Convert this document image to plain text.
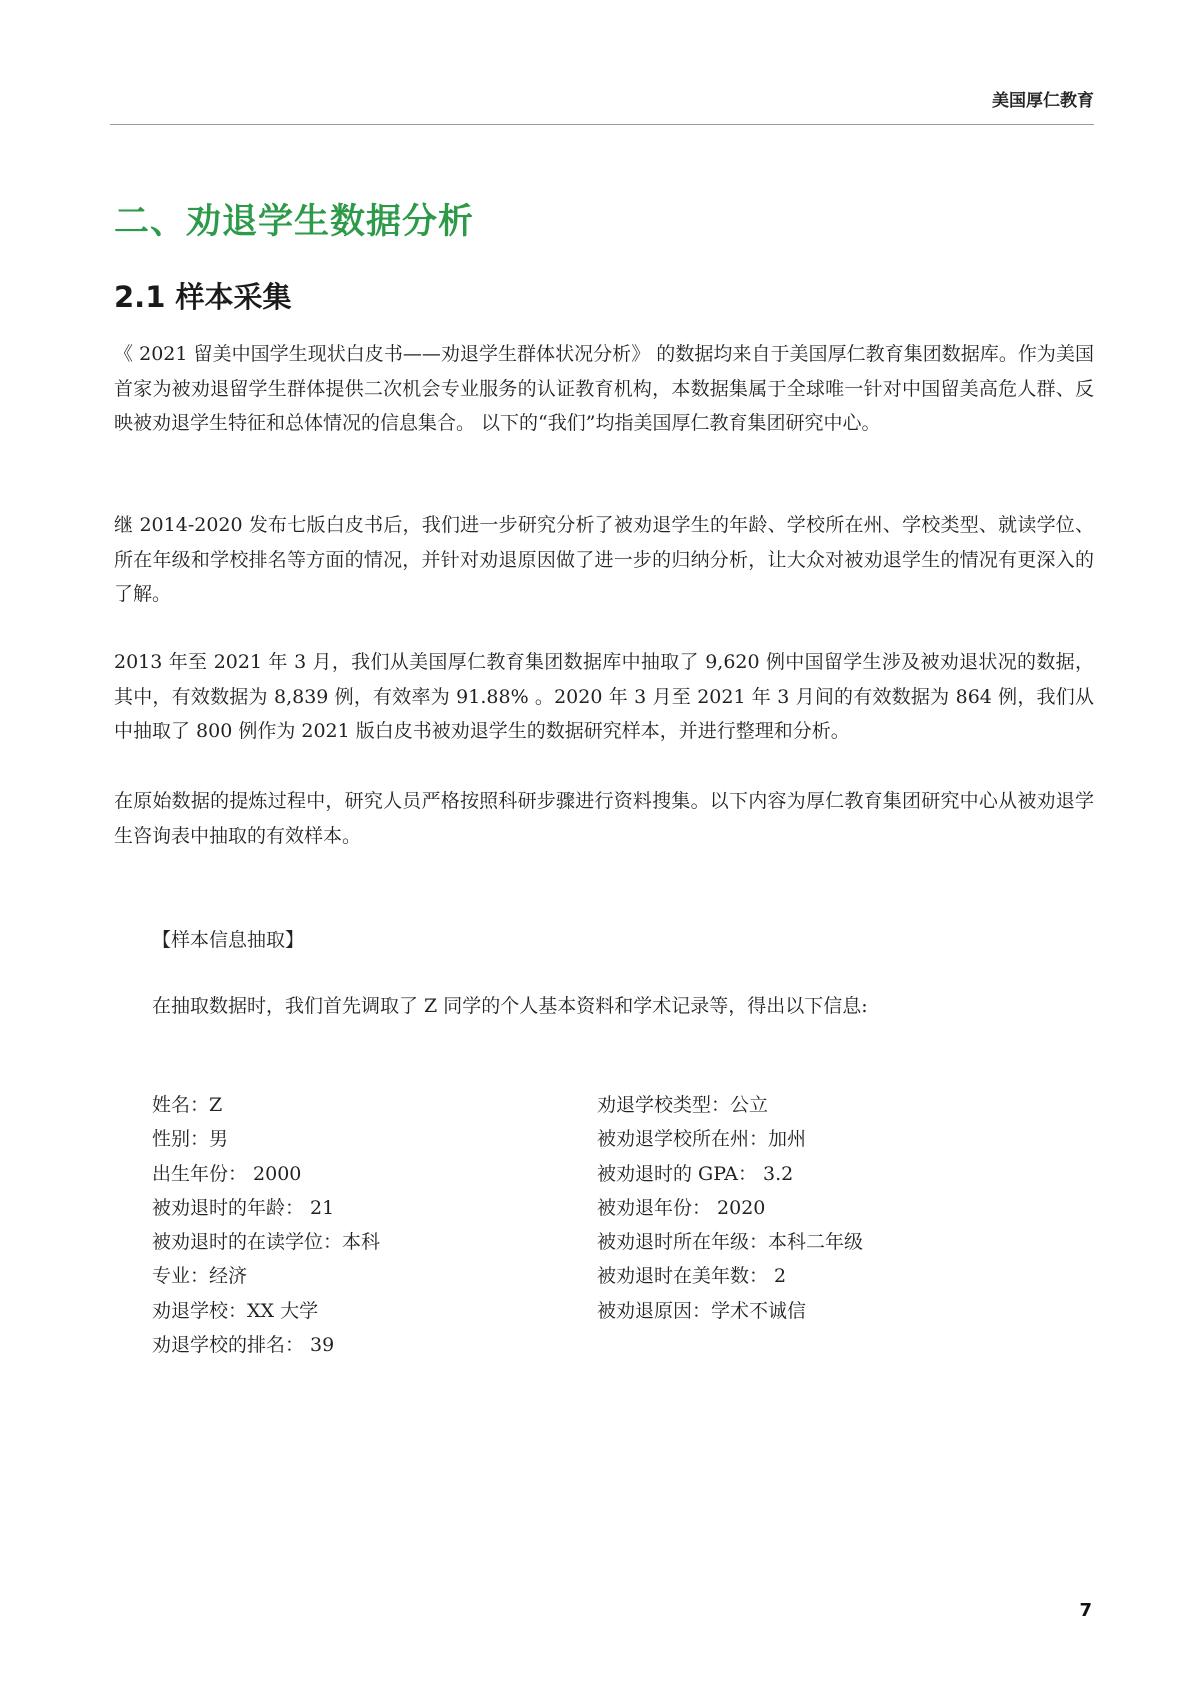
美国厚仁教育
二、劝退学生数据分析
2.1 样本采集

《 2021 留美中国学生现状白皮书——劝退学生群体状况分析》 的数据均来自于美国厚仁教育集团数据库。作为美国首家为被劝退留学生群体提供二次机会专业服务的认证教育机构，本数据集属于全球唯一针对中国留美高危人群、反映被劝退学生特征和总体情况的信息集合。 以下的“我们”均指美国厚仁教育集团研究中心。

继 2014-2020 发布七版白皮书后，我们进一步研究分析了被劝退学生的年龄、学校所在州、学校类型、就读学位、所在年级和学校排名等方面的情况，并针对劝退原因做了进一步的归纳分析，让大众对被劝退学生的情况有更深入的了解。

2013 年至 2021 年 3 月，我们从美国厚仁教育集团数据库中抽取了 9,620 例中国留学生涉及被劝退状况的数据，其中，有效数据为 8,839 例，有效率为 91.88% 。2020 年 3 月至 2021 年 3 月间的有效数据为 864 例，我们从中抽取了 800 例作为 2021 版白皮书被劝退学生的数据研究样本，并进行整理和分析。

在原始数据的提炼过程中，研究人员严格按照科研步骤进行资料搜集。以下内容为厚仁教育集团研究中心从被劝退学生咨询表中抽取的有效样本。

【样本信息抽取】
在抽取数据时，我们首先调取了 Z 同学的个人基本资料和学术记录等，得出以下信息:
姓名：Z
性别：男
出生年份： 2000
被劝退时的年龄： 21
被劝退时的在读学位：本科
专业：经济
劝退学校：XX 大学
劝退学校的排名： 39
劝退学校类型：公立
被劝退学校所在州：加州
被劝退时的 GPA： 3.2
被劝退年份： 2020
被劝退时所在年级：本科二年级
被劝退时在美年数： 2
被劝退原因：学术不诚信
7
